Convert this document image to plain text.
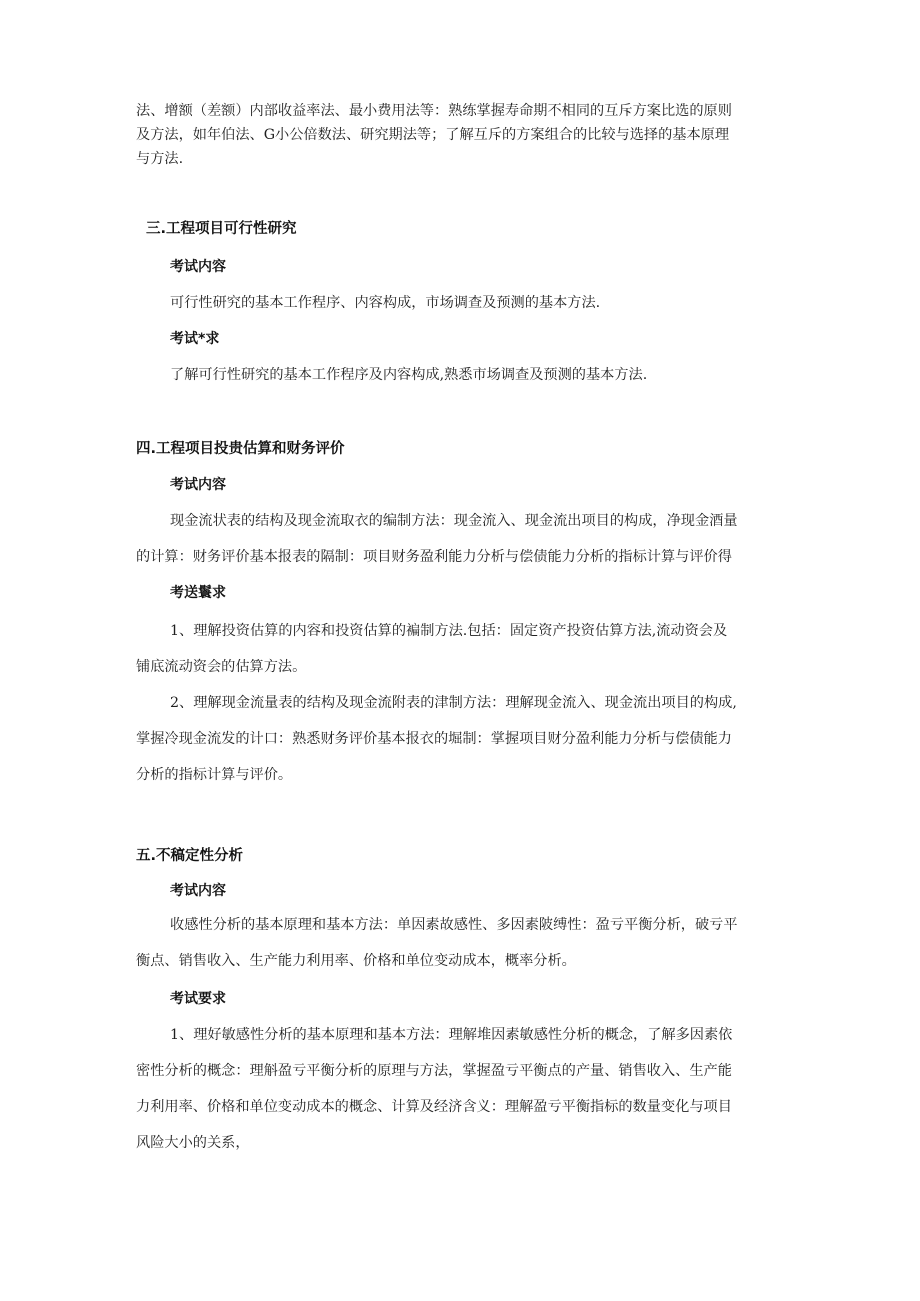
法、增额（差额）内部收益率法、最小费用法等：熟练掌握寿命期不相同的互斥方案比选的原则
及方法，如年伯法、G小公倍数法、研究期法等；了解互斥的方案组合的比较与选择的基本原理
与方法.
三.工程项目可行性研究
考试内容
可行性研究的基本工作程序、内容构成，市场调查及预测的基本方法.
考试*求
了解可行性研究的基本工作程序及内容构成,熟悉市场调查及预测的基本方法.
四.工程项目投贵估算和财务评价
考试内容
现金流状表的结构及现金流取衣的编制方法：现金流入、现金流出项目的构成，净现金酒量
的计算：财务评价基本报表的隔制：项目财务盈利能力分析与偿债能力分析的指标计算与评价得
考送鬟求
1、理解投资估算的内容和投资估算的褊制方法.包括：固定资产投资估算方法,流动资会及
铺底流动资会的估算方法。
2、理解现金流量表的结构及现金流附表的津制方法：理解现金流入、现金流出项目的构成,
掌握冷现金流发的计口：熟悉财务评价基本报衣的堀制：掌握项目财分盈利能力分析与偿债能力
分析的指标计算与评价。
五.不稿定性分析
考试内容
收感性分析的基本原理和基本方法：单因素故感性、多因素陂缚性：盈亏平衡分析，破亏平
衡点、销售收入、生产能力利用率、价格和单位变动成本，概率分析。
考试要求
1、理好敏感性分析的基本原理和基本方法：理解堆因素敏感性分析的概念，了解多因素依
密性分析的概念：理斛盈亏平衡分析的原理与方法，掌握盈亏平衡点的产量、销售收入、生产能
力利用率、价格和单位变动成本的概念、计算及经济含义：理解盈亏平衡指标的数量变化与项目
风险大小的关系，
